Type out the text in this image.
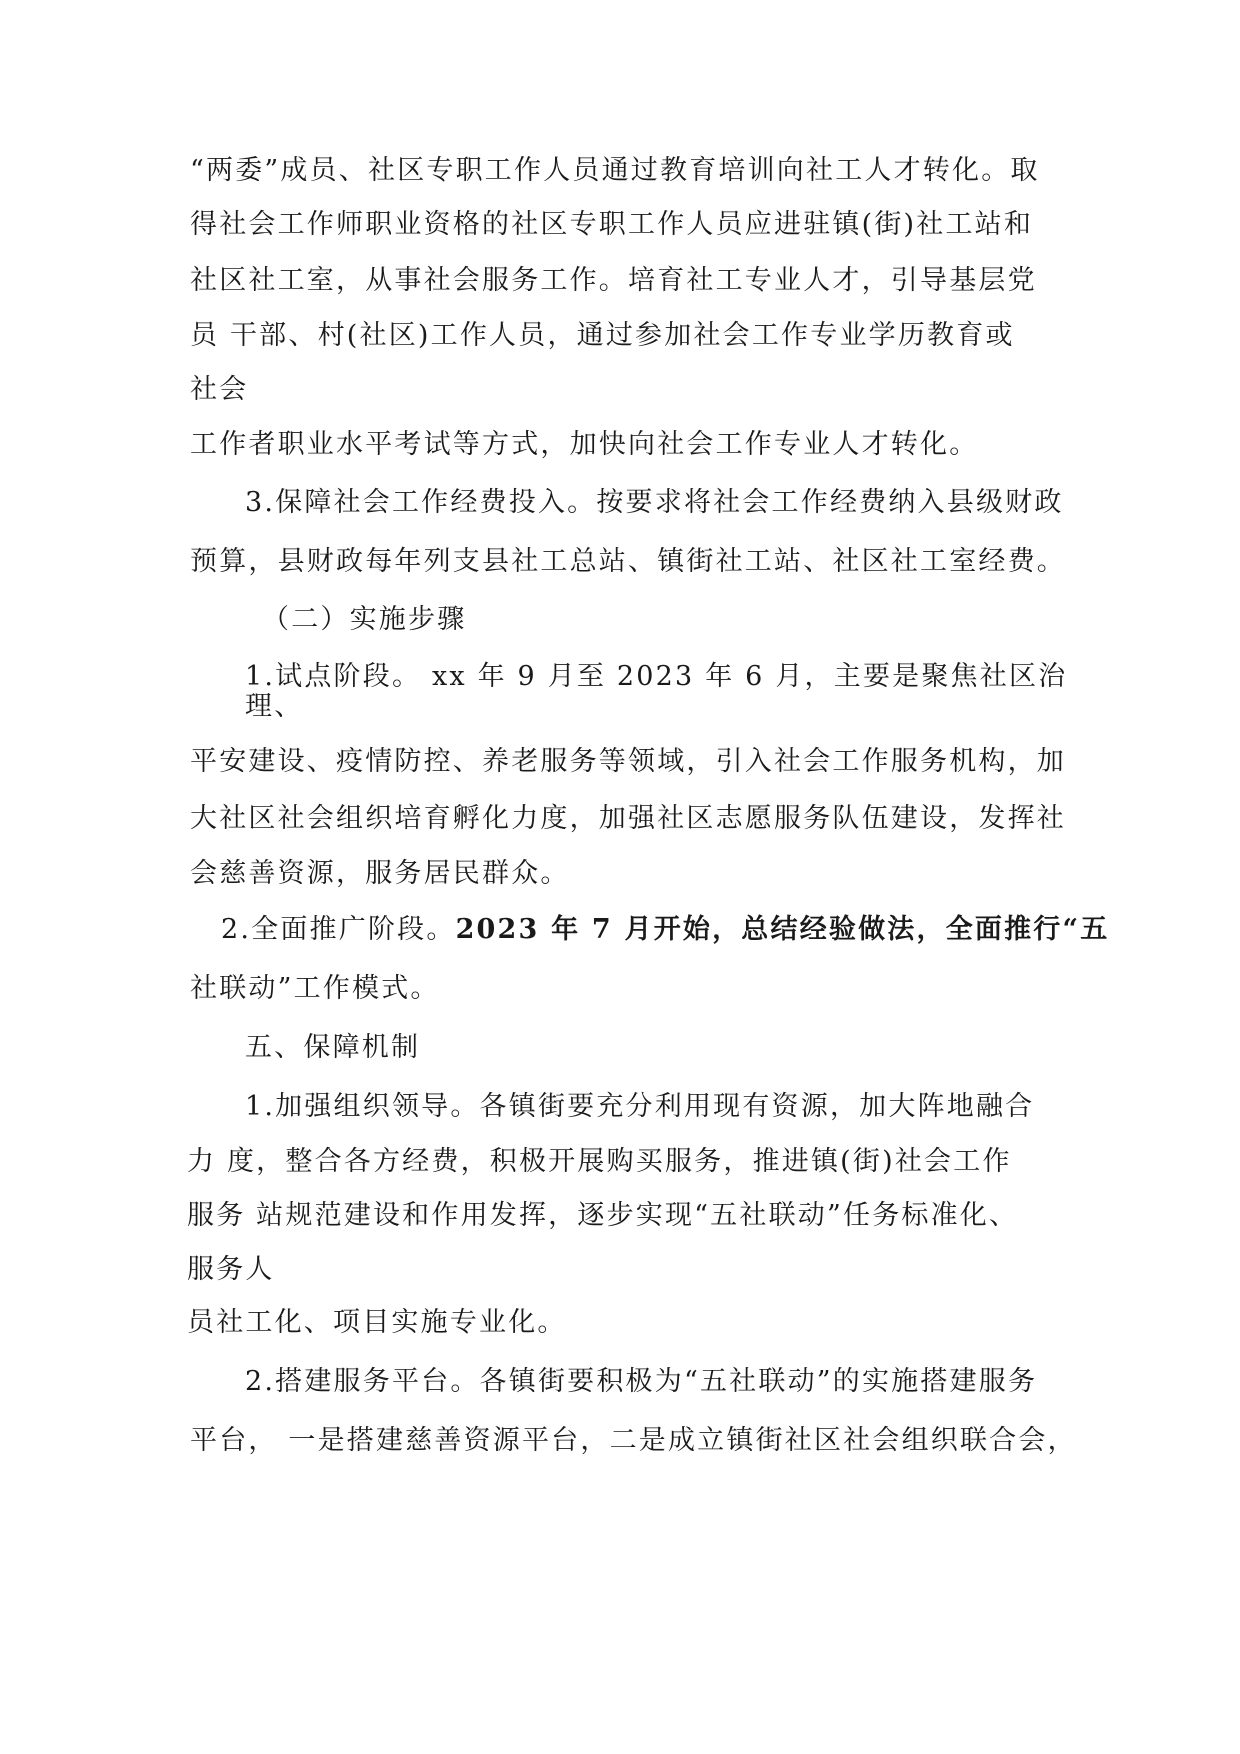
“两委”成员、社区专职工作人员通过教育培训向社工人才转化。取

得社会工作师职业资格的社区专职工作人员应进驻镇(街)社工站和

社区社工室，从事社会服务工作。培育社工专业人才，引导基层党

员 干部、村(社区)工作人员，通过参加社会工作专业学历教育或

社会

工作者职业水平考试等方式，加快向社会工作专业人才转化。

3.保障社会工作经费投入。按要求将社会工作经费纳入县级财政

预算，县财政每年列支县社工总站、镇街社工站、社区社工室经费。

（二）实施步骤

1.试点阶段。 xx 年 9 月至 2023 年 6 月，主要是聚焦社区治

理、

平安建设、疫情防控、养老服务等领域，引入社会工作服务机构，加

大社区社会组织培育孵化力度，加强社区志愿服务队伍建设，发挥社

会慈善资源，服务居民群众。

2.全面推广阶段。2023 年 7 月开始，总结经验做法，全面推行“五

社联动”工作模式。

五、保障机制

1.加强组织领导。各镇街要充分利用现有资源，加大阵地融合

力 度，整合各方经费，积极开展购买服务，推进镇(街)社会工作

服务 站规范建设和作用发挥，逐步实现“五社联动”任务标准化、

服务人

员社工化、项目实施专业化。

2.搭建服务平台。各镇街要积极为“五社联动”的实施搭建服务

平台， 一是搭建慈善资源平台，二是成立镇街社区社会组织联合会，
